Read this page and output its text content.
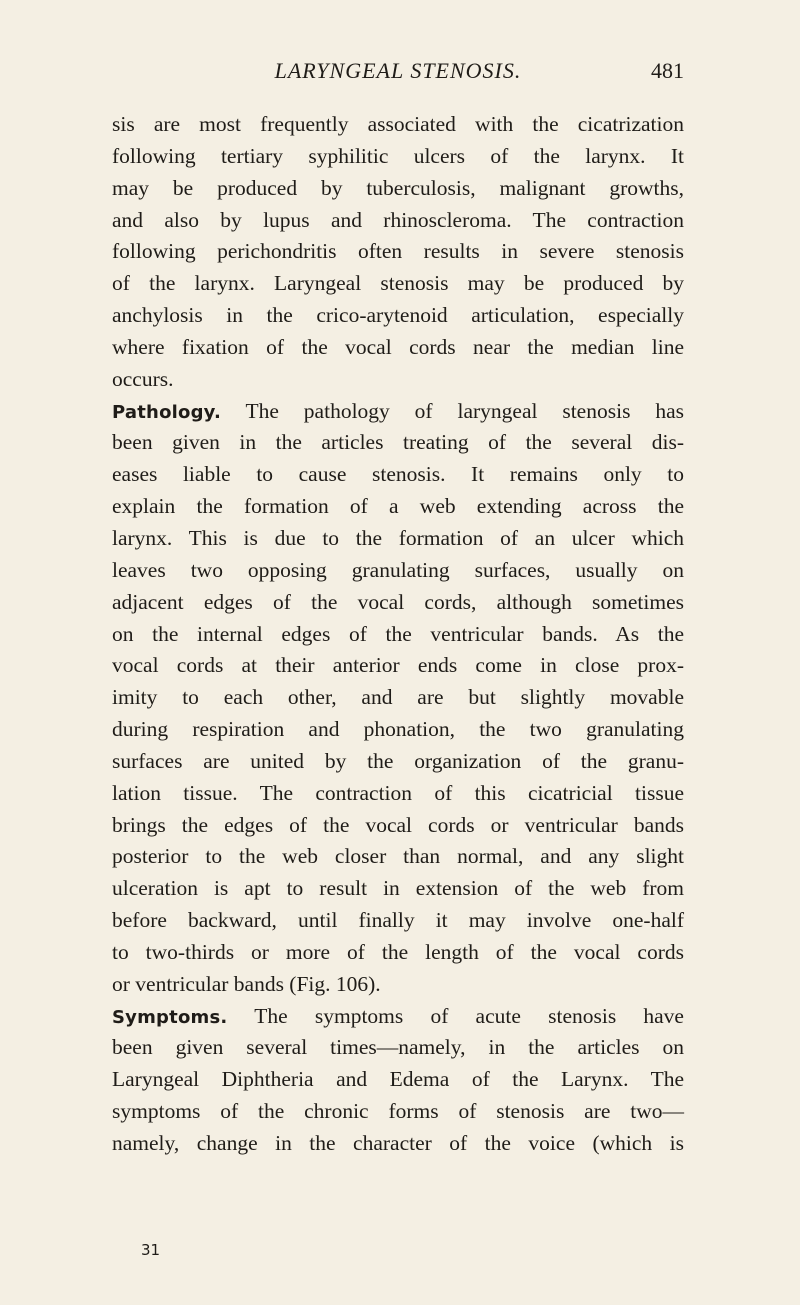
LARYNGEAL STENOSIS.	481
sis are most frequently associated with the cicatrization
following tertiary syphilitic ulcers of the larynx. It
may be produced by tuberculosis, malignant growths,
and also by lupus and rhinoscleroma. The contraction
following perichondritis often results in severe stenosis
of the larynx. Laryngeal stenosis may be produced by
anchylosis in the crico-arytenoid articulation, especially
where fixation of the vocal cords near the median line
occurs.
Pathology. The pathology of laryngeal stenosis has
been given in the articles treating of the several dis-
eases liable to cause stenosis. It remains only to
explain the formation of a web extending across the
larynx. This is due to the formation of an ulcer which
leaves two opposing granulating surfaces, usually on
adjacent edges of the vocal cords, although sometimes
on the internal edges of the ventricular bands. As the
vocal cords at their anterior ends come in close prox-
imity to each other, and are but slightly movable
during respiration and phonation, the two granulating
surfaces are united by the organization of the granu-
lation tissue. The contraction of this cicatricial tissue
brings the edges of the vocal cords or ventricular bands
posterior to the web closer than normal, and any slight
ulceration is apt to result in extension of the web from
before backward, until finally it may involve one-half
to two-thirds or more of the length of the vocal cords
or ventricular bands (Fig. 106).
Symptoms. The symptoms of acute stenosis have
been given several times—namely, in the articles on
Laryngeal Diphtheria and Edema of the Larynx. The
symptoms of the chronic forms of stenosis are two—
namely, change in the character of the voice (which is
31
